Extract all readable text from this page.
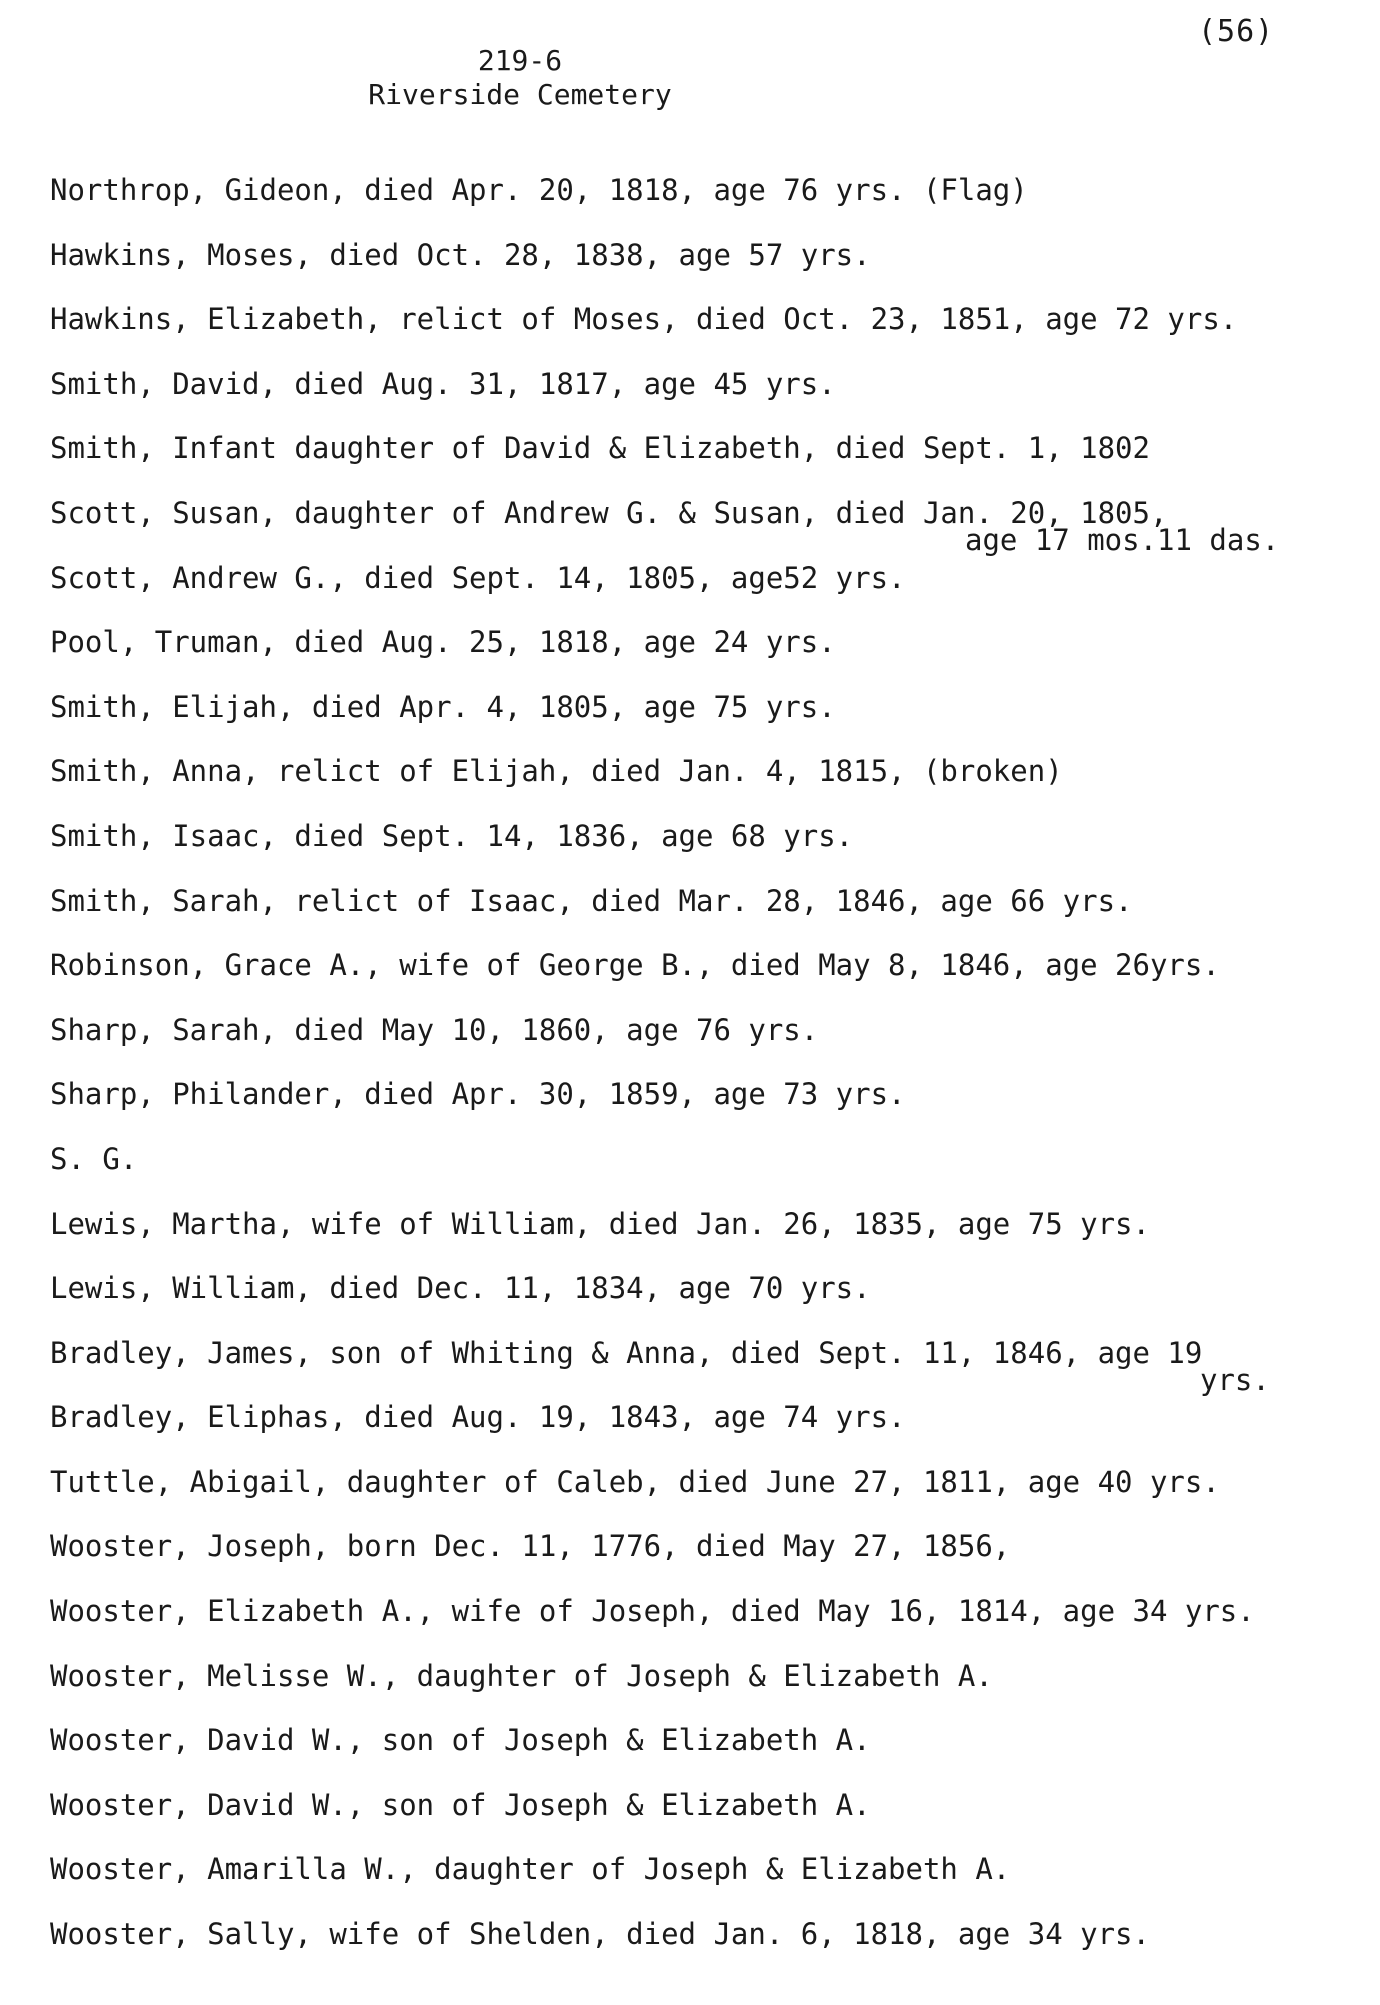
(56)
219-6
Riverside Cemetery
Northrop, Gideon, died Apr. 20, 1818, age 76 yrs. (Flag)
Hawkins, Moses, died Oct. 28, 1838, age 57 yrs.
Hawkins, Elizabeth, relict of Moses, died Oct. 23, 1851, age 72 yrs.
Smith, David, died Aug. 31, 1817, age 45 yrs.
Smith, Infant daughter of David & Elizabeth, died Sept. 1, 1802
Scott, Susan, daughter of Andrew G. & Susan, died Jan. 20, 1805,
age 17 mos.11 das.
Scott, Andrew G., died Sept. 14, 1805, age52 yrs.
Pool, Truman, died Aug. 25, 1818, age 24 yrs.
Smith, Elijah, died Apr. 4, 1805, age 75 yrs.
Smith, Anna, relict of Elijah, died Jan. 4, 1815, (broken)
Smith, Isaac, died Sept. 14, 1836, age 68 yrs.
Smith, Sarah, relict of Isaac, died Mar. 28, 1846, age 66 yrs.
Robinson, Grace A., wife of George B., died May 8, 1846, age 26yrs.
Sharp, Sarah, died May 10, 1860, age 76 yrs.
Sharp, Philander, died Apr. 30, 1859, age 73 yrs.
S. G.
Lewis, Martha, wife of William, died Jan. 26, 1835, age 75 yrs.
Lewis, William, died Dec. 11, 1834, age 70 yrs.
Bradley, James, son of Whiting & Anna, died Sept. 11, 1846, age 19
yrs.
Bradley, Eliphas, died Aug. 19, 1843, age 74 yrs.
Tuttle, Abigail, daughter of Caleb, died June 27, 1811, age 40 yrs.
Wooster, Joseph, born Dec. 11, 1776, died May 27, 1856,
Wooster, Elizabeth A., wife of Joseph, died May 16, 1814, age 34 yrs.
Wooster, Melisse W., daughter of Joseph & Elizabeth A.
Wooster, David W., son of Joseph & Elizabeth A.
Wooster, David W., son of Joseph & Elizabeth A.
Wooster, Amarilla W., daughter of Joseph & Elizabeth A.
Wooster, Sally, wife of Shelden, died Jan. 6, 1818, age 34 yrs.
